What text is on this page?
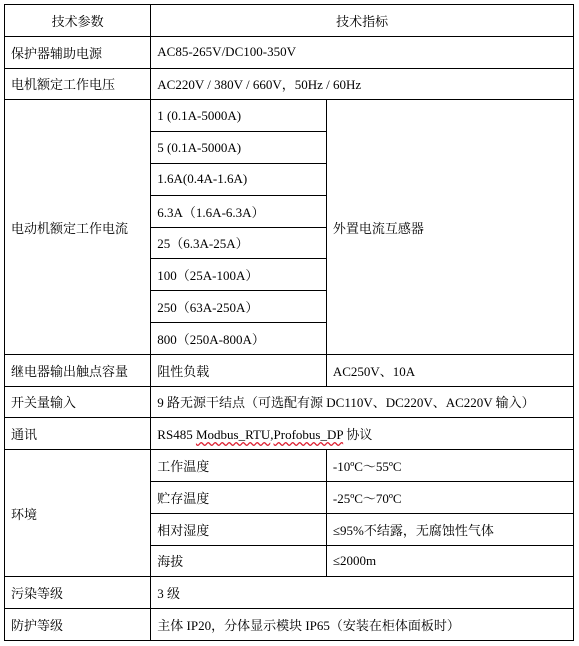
技术参数	技术指标	
保护器辅助电源	AC85-265V/DC100-350V	
电机额定工作电压	AC220V / 380V / 660V，50Hz / 60Hz	
电动机额定工作电流	1 (0.1A-5000A)	外置电流互感器
	5 (0.1A-5000A)	
	1.6A(0.4A-1.6A)	
	6.3A（1.6A-6.3A）	
	25（6.3A-25A）	
	100（25A-100A）	
	250（63A-250A）	
	800（250A-800A）	
继电器输出触点容量	阻性负载	AC250V、10A
开关量输入	9 路无源干结点（可选配有源 DC110V、DC220V、AC220V 输入）	
通讯	RS485 Modbus_RTU,Profobus_DP 协议	
环境	工作温度	-10ºC～55ºC
	贮存温度	-25ºC～70ºC
	相对湿度	≤95%不结露，无腐蚀性气体
	海拔	≤2000m
污染等级	3 级	
防护等级	主体 IP20，分体显示模块 IP65（安装在柜体面板时）	
